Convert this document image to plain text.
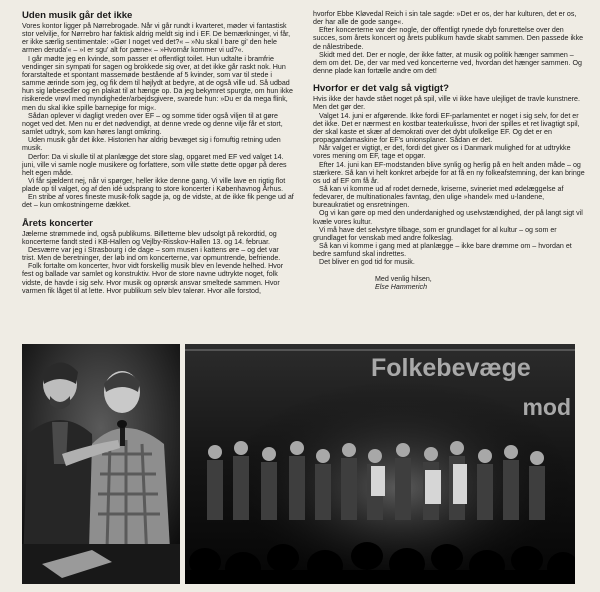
Uden musik går det ikke

Vores kontor ligger på Nørrebrogade. Når vi går rundt i kvarteret, møder vi fantastisk stor velvilje, for Nørrebro har faktisk aldrig meldt sig ind i EF. De bemærkninger, vi får, er ikke særlig sentimentale: »Gør I noget ved det?« – »Nu skal I bare gi' den hele armen deruda'« – »I er sgu' alt for pæne« – »Hvornår kommer vi ud?«.

I går mødte jeg en kvinde, som passer et offentligt toilet. Hun udtalte i bramfrie vendinger sin sympati for sagen og brokkede sig over, at det ikke går raskt nok. Hun forarstaltede et spontant massemøde bestående af 5 kvinder, som var til stede i samme ærinde som jeg, og fik dem til højlydt at bedyre, at de også ville ud. Så udbad hun sig løbesedler og en plakat til at hænge op. Da jeg bekymret spurgte, om hun ikke risikerede vrøvl med myndigheder/arbejdsgivere, svarede hun: »Du er da mega flink, men du skal ikke spille barnepige for mig«.

Sådan oplever vi dagligt vreden over EF – og somme tider også viljen til at gøre noget ved det. Men nu er det nødvendigt, at denne vrede og denne vilje får et stort, samlet udtryk, som kan høres langt omkring.

Uden musik går det ikke. Historien har aldrig bevæget sig i fornuftig retning uden musik.

Derfor: Da vi skulle til at planlægge det store slag, opgaret med EF ved valget 14. juni, ville vi samle nogle musikere og forfattere, som ville støtte dette opgør på deres helt egen måde.

Vi får sjældent nej, når vi spørger, heller ikke denne gang. Vi ville lave en rigtig flot plade op til valget, og af den idé udsprang to store koncerter i Københavnog Århus.

En stribe af vores fineste musik-folk sagde ja, og de vidste, at de ikke fik penge ud af det – kun omkostningerne dækket.

Årets koncerter

Jælerne strømmede ind, også publikums. Billetterne blev udsolgt på rekordtid, og koncerterne fandt sted i KB-Hallen og Vejlby-Risskov-Hallen 13. og 14. februar.

Desværre var jeg i Strasbourg i de dage – som musen i kattens øre – og det var trist. Men de beretninger, der løb ind om koncerterne, var opmuntrende, befriende.

Folk fortalte om koncerter, hvor vidt forskellig musik blev en levende helhed. Hvor fest og ballade var samlet og konstruktiv. Hvor de store navne udtrykte noget, folk vidste, de havde i sig selv. Hvor musik og oprørsk ansvar smeltede sammen. Hvor varmen fik låget til at lette. Hvor publikum selv blev talerør. Hvor alle forstod,

hvorfor Ebbe Kløvedal Reich i sin tale sagde: »Det er os, der har kulturen, det er os, der har alle de gode sange«.

Efter koncerterne var der nogle, der offentligt rynede dyb forurettelse over den succes, som årets koncert og årets publikum havde skabt sammen. Den passede ikke de nålestribede.

Skidt med det. Der er nogle, der ikke fatter, at musik og politik hænger sammen – dem om det. De, der var med ved koncerterne ved, hvordan det hænger sammen. Og denne plade kan fortælle andre om det!

Hvorfor er det valg så vigtigt?

Hvis ikke der havde stået noget på spil, ville vi ikke have ulejliget de travle kunstnere. Men det gør der.

Valget 14. juni er afgørende. Ikke fordi EF-parlamentet er noget i sig selv, for det er det ikke. Det er nærmest en kostbar teaterkulisse, hvori der spilles et ret livagtigt spil, der skal kaste et skær af demokrati over det dybt ufolkelige EF. Og det er en propagandamaskine for EF's unionsplaner. Sådan er det.

Når valget er vigtigt, er det, fordi det giver os i Danmark mulighed for at udtrykke vores mening om EF, tage et opgør.

Efter 14. juni kan EF-modstanden blive synlig og herlig på en helt anden måde – og stærkere. Så kan vi helt konkret arbejde for at få en ny folkeafstemning, der kan bringe os ud af EF om få år.

Så kan vi komme ud af rodet dernede, kriserne, svineriet med ødelæggelse af fedevarer, de multinationales favntag, den ulige »handel« med u-landene, bureaukratiet og ensretningen.

Og vi kan gøre op med den underdanighed og uselvstændighed, der på langt sigt vil kvæle vores kultur.

Vi må have det selvstyre tilbage, som er grundlaget for al kultur – og som er grundlaget for venskab med andre folkeslag.

Så kan vi komme i gang med at planlægge – ikke bare drømme om – hvordan et bedre samfund skal indrettes.

Det bliver en god tid for musik.

Med venlig hilsen,
Else Hammerich
Folkebevæge
mod
